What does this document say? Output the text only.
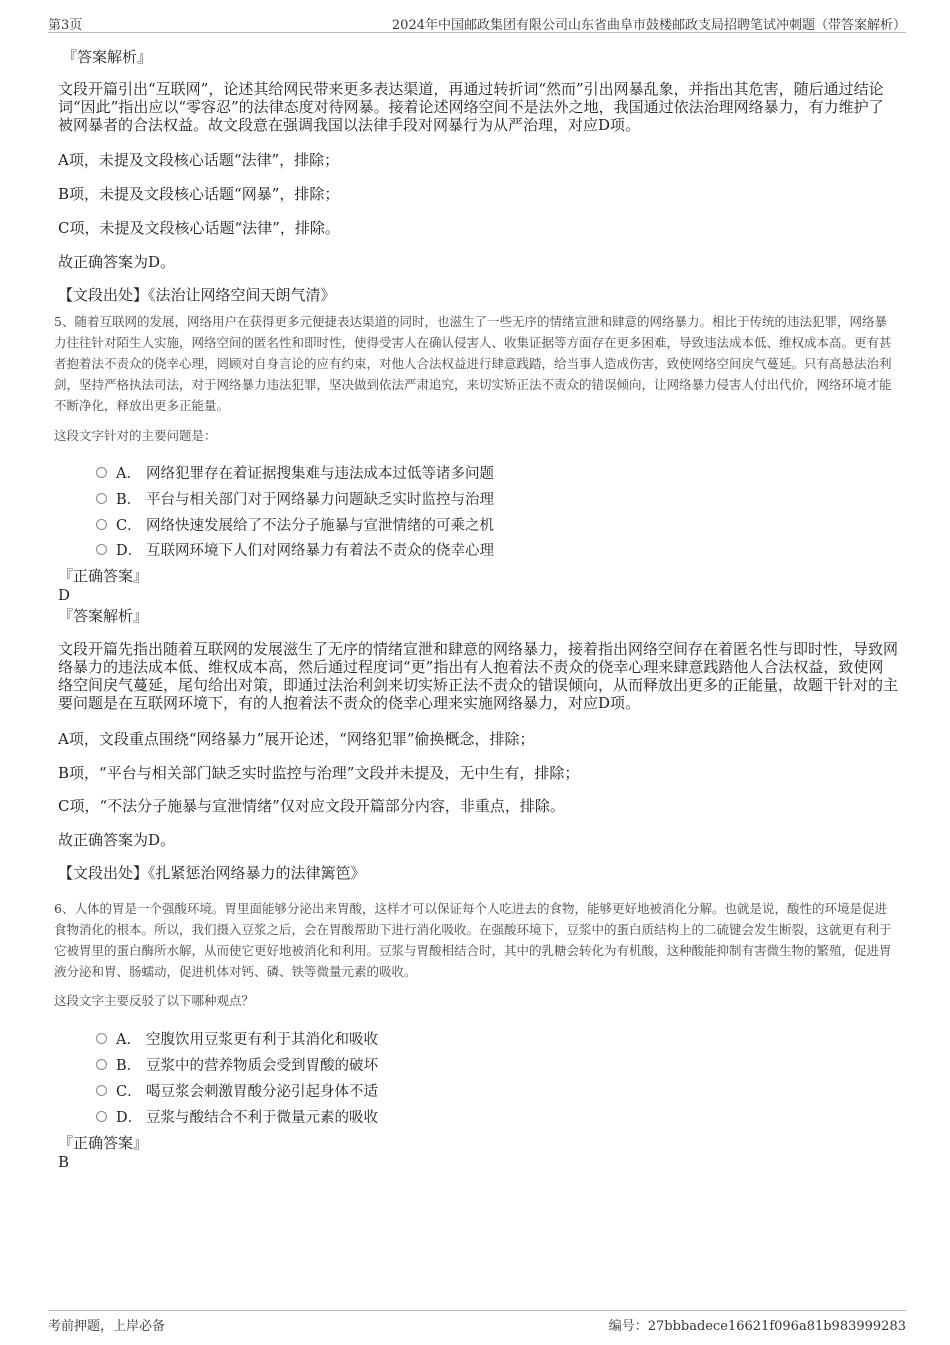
第3页	2024年中国邮政集团有限公司山东省曲阜市鼓楼邮政支局招聘笔试冲刺题（带答案解析）
『答案解析』
文段开篇引出“互联网”，论述其给网民带来更多表达渠道，再通过转折词“然而”引出网暴乱象，并指出其危害，随后通过结论词“因此”指出应以“零容忍”的法律态度对待网暴。接着论述网络空间不是法外之地，我国通过依法治理网络暴力，有力维护了被网暴者的合法权益。故文段意在强调我国以法律手段对网暴行为从严治理，对应D项。
A项，未提及文段核心话题“法律”，排除；
B项，未提及文段核心话题“网暴”，排除；
C项，未提及文段核心话题“法律”，排除。
故正确答案为D。
【文段出处】《法治让网络空间天朗气清》
5、随着互联网的发展，网络用户在获得更多元便捷表达渠道的同时，也滋生了一些无序的情绪宣泄和肆意的网络暴力。相比于传统的违法犯罪，网络暴力往往针对陌生人实施，网络空间的匿名性和即时性，使得受害人在确认侵害人、收集证据等方面存在更多困难，导致违法成本低、维权成本高。更有甚者抱着法不责众的侥幸心理，罔顾对自身言论的应有约束，对他人合法权益进行肆意践踏，给当事人造成伤害，致使网络空间戾气蔓延。只有高悬法治利剑，坚持严格执法司法，对于网络暴力违法犯罪，坚决做到依法严肃追究，来切实矫正法不责众的错误倾向，让网络暴力侵害人付出代价，网络环境才能不断净化，释放出更多正能量。
这段文字针对的主要问题是：
A． 网络犯罪存在着证据搜集难与违法成本过低等诸多问题
B． 平台与相关部门对于网络暴力问题缺乏实时监控与治理
C． 网络快速发展给了不法分子施暴与宣泄情绪的可乘之机
D． 互联网环境下人们对网络暴力有着法不责众的侥幸心理
『正确答案』
D
『答案解析』
文段开篇先指出随着互联网的发展滋生了无序的情绪宣泄和肆意的网络暴力，接着指出网络空间存在着匿名性与即时性，导致网络暴力的违法成本低、维权成本高，然后通过程度词“更”指出有人抱着法不责众的侥幸心理来肆意践踏他人合法权益，致使网络空间戾气蔓延，尾句给出对策，即通过法治利剑来切实矫正法不责众的错误倾向，从而释放出更多的正能量，故题干针对的主要问题是在互联网环境下，有的人抱着法不责众的侥幸心理来实施网络暴力，对应D项。
A项，文段重点围绕“网络暴力”展开论述，“网络犯罪”偷换概念，排除；
B项，“平台与相关部门缺乏实时监控与治理”文段并未提及，无中生有，排除；
C项，“不法分子施暴与宣泄情绪”仅对应文段开篇部分内容，非重点，排除。
故正确答案为D。
【文段出处】《扎紧惩治网络暴力的法律篱笆》
6、人体的胃是一个强酸环境。胃里面能够分泌出来胃酸，这样才可以保证每个人吃进去的食物，能够更好地被消化分解。也就是说，酸性的环境是促进食物消化的根本。所以，我们摄入豆浆之后，会在胃酸帮助下进行消化吸收。在强酸环境下，豆浆中的蛋白质结构上的二硫键会发生断裂，这就更有利于它被胃里的蛋白酶所水解，从而使它更好地被消化和利用。豆浆与胃酸相结合时，其中的乳糖会转化为有机酸，这种酸能抑制有害微生物的繁殖，促进胃液分泌和胃、肠蠕动，促进机体对钙、磷、铁等微量元素的吸收。
这段文字主要反驳了以下哪种观点？
A． 空腹饮用豆浆更有利于其消化和吸收
B． 豆浆中的营养物质会受到胃酸的破坏
C． 喝豆浆会刺激胃酸分泌引起身体不适
D． 豆浆与酸结合不利于微量元素的吸收
『正确答案』
B
考前押题，上岸必备	编号：27bbbadece16621f096a81b983999283
